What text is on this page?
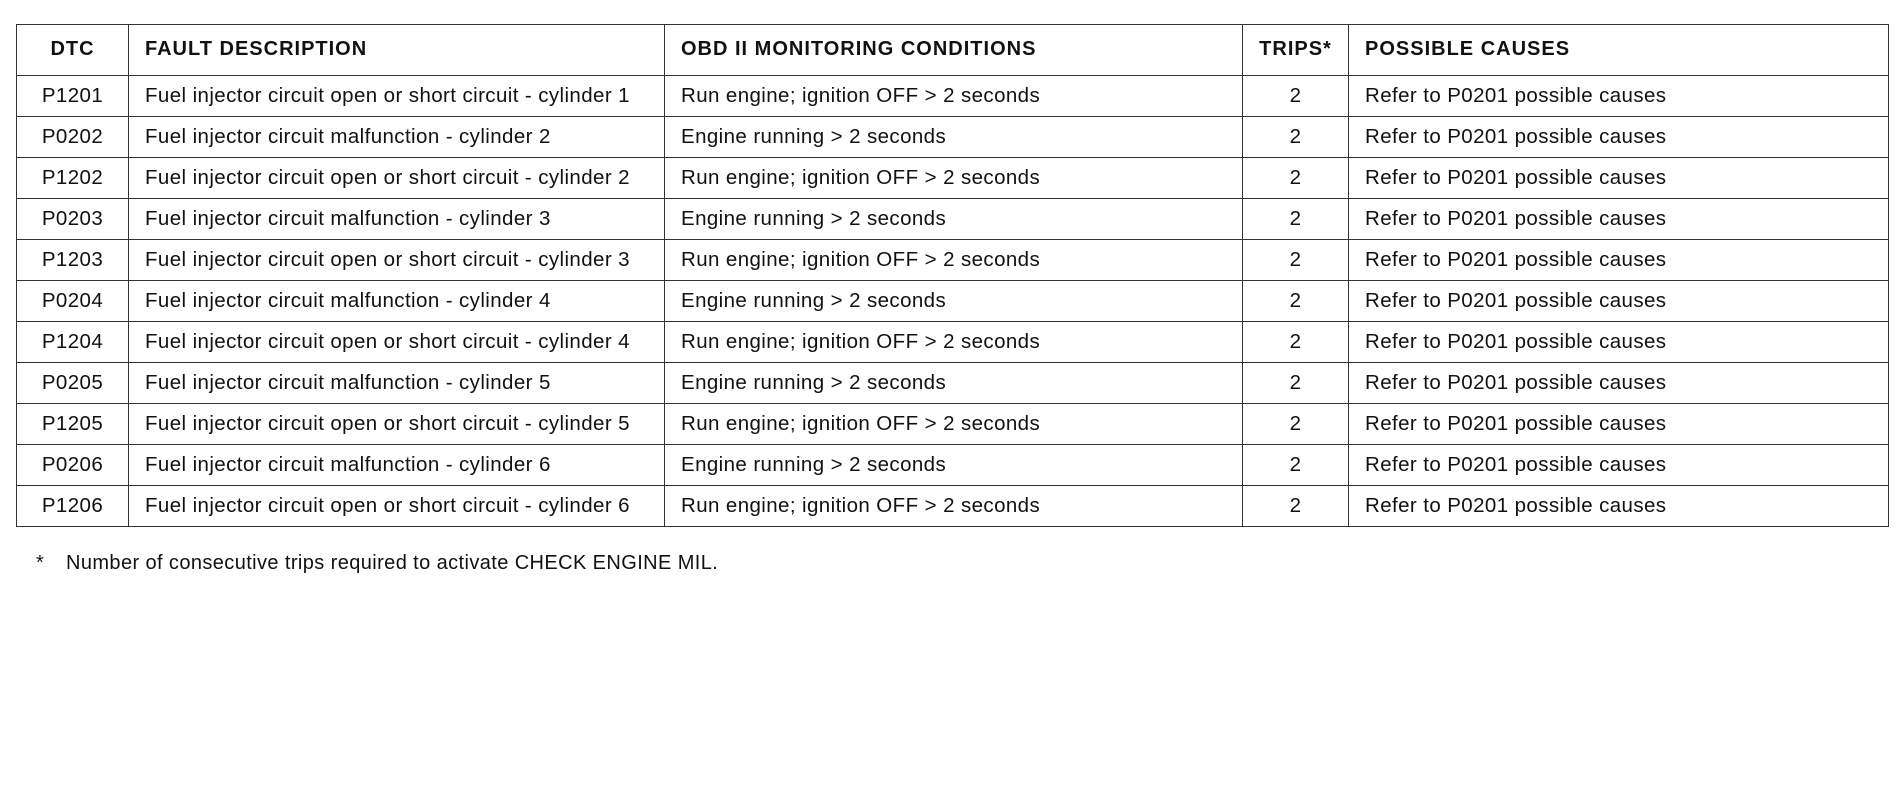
DTC	FAULT DESCRIPTION	OBD II MONITORING CONDITIONS	TRIPS*	POSSIBLE CAUSES
P1201	Fuel injector circuit open or short circuit - cylinder 1	Run engine; ignition OFF > 2 seconds	2	Refer to P0201 possible causes
P0202	Fuel injector circuit malfunction - cylinder 2	Engine running > 2 seconds	2	Refer to P0201 possible causes
P1202	Fuel injector circuit open or short circuit - cylinder 2	Run engine; ignition OFF > 2 seconds	2	Refer to P0201 possible causes
P0203	Fuel injector circuit malfunction - cylinder 3	Engine running > 2 seconds	2	Refer to P0201 possible causes
P1203	Fuel injector circuit open or short circuit - cylinder 3	Run engine; ignition OFF > 2 seconds	2	Refer to P0201 possible causes
P0204	Fuel injector circuit malfunction - cylinder 4	Engine running > 2 seconds	2	Refer to P0201 possible causes
P1204	Fuel injector circuit open or short circuit - cylinder 4	Run engine; ignition OFF > 2 seconds	2	Refer to P0201 possible causes
P0205	Fuel injector circuit malfunction - cylinder 5	Engine running > 2 seconds	2	Refer to P0201 possible causes
P1205	Fuel injector circuit open or short circuit - cylinder 5	Run engine; ignition OFF > 2 seconds	2	Refer to P0201 possible causes
P0206	Fuel injector circuit malfunction - cylinder 6	Engine running > 2 seconds	2	Refer to P0201 possible causes
P1206	Fuel injector circuit open or short circuit - cylinder 6	Run engine; ignition OFF > 2 seconds	2	Refer to P0201 possible causes
*	Number of consecutive trips required to activate CHECK ENGINE MIL.
